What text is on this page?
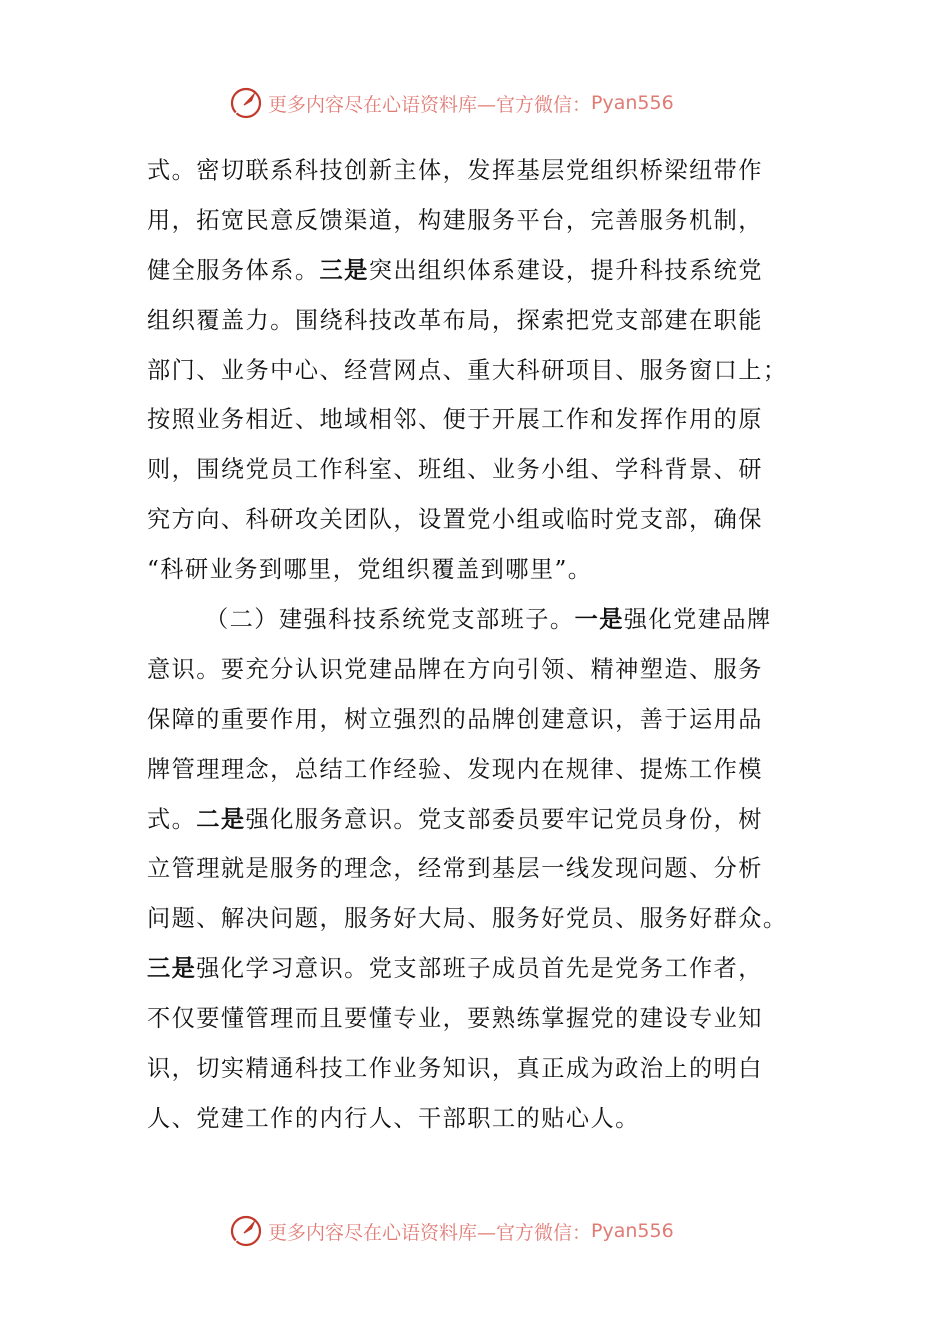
更多内容尽在心语资料库—官方微信： Pyan556
式。密切联系科技创新主体，发挥基层党组织桥梁纽带作
用，拓宽民意反馈渠道，构建服务平台，完善服务机制，
健全服务体系。三是突出组织体系建设，提升科技系统党
组织覆盖力。围绕科技改革布局，探索把党支部建在职能
部门、业务中心、经营网点、重大科研项目、服务窗口上；
按照业务相近、地域相邻、便于开展工作和发挥作用的原
则，围绕党员工作科室、班组、业务小组、学科背景、研
究方向、科研攻关团队，设置党小组或临时党支部，确保
“科研业务到哪里，党组织覆盖到哪里”。
（二）建强科技系统党支部班子。一是强化党建品牌
意识。要充分认识党建品牌在方向引领、精神塑造、服务
保障的重要作用，树立强烈的品牌创建意识，善于运用品
牌管理理念，总结工作经验、发现内在规律、提炼工作模
式。二是强化服务意识。党支部委员要牢记党员身份，树
立管理就是服务的理念，经常到基层一线发现问题、分析
问题、解决问题，服务好大局、服务好党员、服务好群众。
三是强化学习意识。党支部班子成员首先是党务工作者，
不仅要懂管理而且要懂专业，要熟练掌握党的建设专业知
识，切实精通科技工作业务知识，真正成为政治上的明白
人、党建工作的内行人、干部职工的贴心人。
更多内容尽在心语资料库—官方微信： Pyan556
